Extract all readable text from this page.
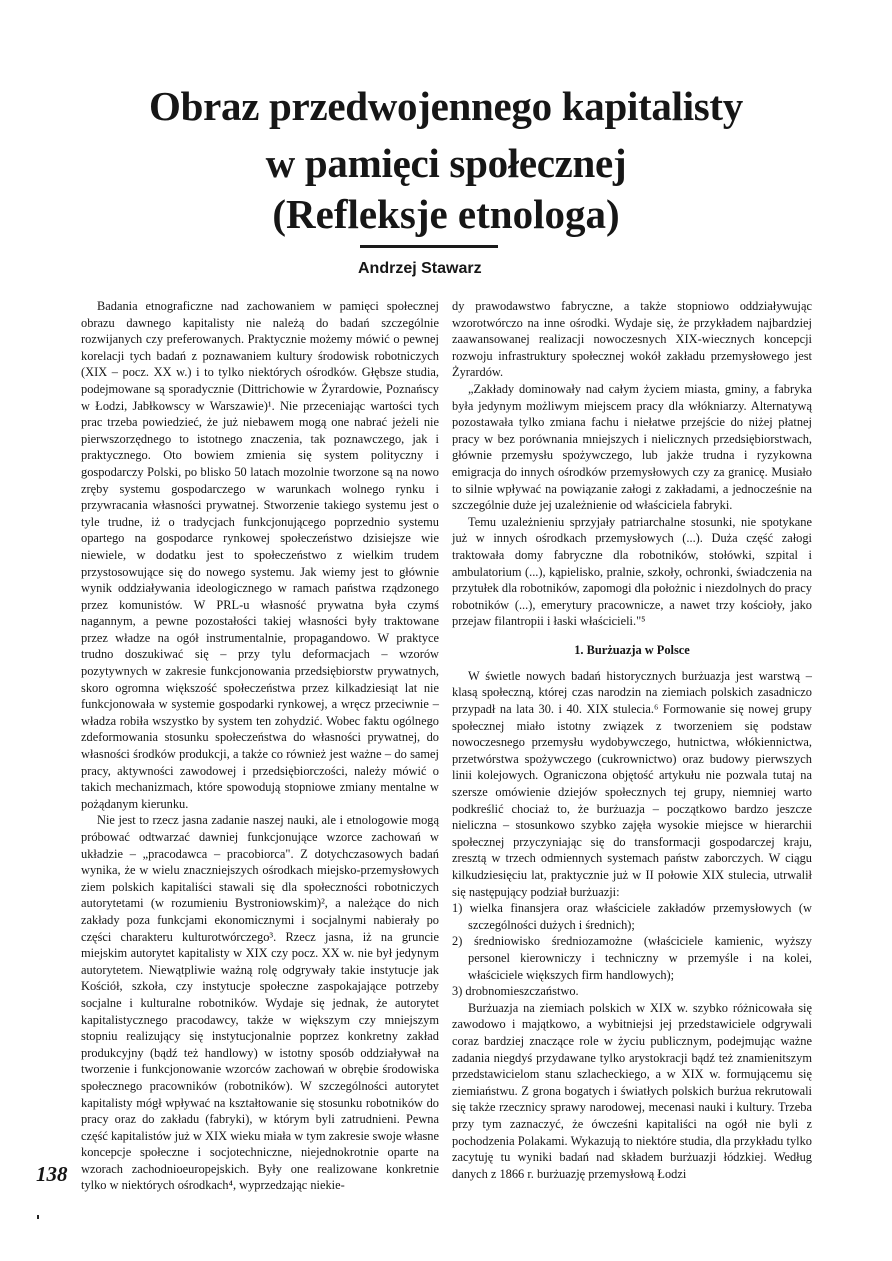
Obraz przedwojennego kapitalisty
w pamięci społecznej
(Refleksje etnologa)
Andrzej Stawarz

Badania etnograficzne nad zachowaniem w pamięci społecznej obrazu dawnego kapitalisty nie należą do badań szczególnie rozwijanych czy preferowanych. Praktycznie możemy mówić o pewnej korelacji tych badań z poznawaniem kultury środowisk robotniczych (XIX – pocz. XX w.) i to tylko niektórych ośrodków. Głębsze studia, podejmowane są sporadycznie (Dittrichowie w Żyrardowie, Poznańscy w Łodzi, Jabłkowscy w Warszawie)¹. Nie przeceniając wartości tych prac trzeba powiedzieć, że już niebawem mogą one nabrać jeżeli nie pierwszorzędnego to istotnego znaczenia, tak poznawczego, jak i praktycznego. Oto bowiem zmienia się system polityczny i gospodarczy Polski, po blisko 50 latach mozolnie tworzone są na nowo zręby systemu gospodarczego w warunkach wolnego rynku i przywracania własności prywatnej. Stworzenie takiego systemu jest o tyle trudne, iż o tradycjach funkcjonującego poprzednio systemu opartego na gospodarce rynkowej społeczeństwo dzisiejsze wie niewiele, w dodatku jest to społeczeństwo z wielkim trudem przystosowujące się do nowego systemu. Jak wiemy jest to głównie wynik oddziaływania ideologicznego w ramach państwa rządzonego przez komunistów. W PRL-u własność prywatna była czymś nagannym, a pewne pozostałości takiej własności były traktowane przez władze na ogół instrumentalnie, propagandowo. W praktyce trudno doszukiwać się – przy tylu deformacjach – wzorów pozytywnych w zakresie funkcjonowania przedsiębiorstw prywatnych, skoro ogromna większość społeczeństwa przez kilkadziesiąt lat nie funkcjonowała w systemie gospodarki rynkowej, a wręcz przeciwnie – władza robiła wszystko by system ten zohydzić. Wobec faktu ogólnego zdeformowania stosunku społeczeństwa do własności prywatnej, do własności środków produkcji, a także co również jest ważne – do samej pracy, aktywności zawodowej i przedsiębiorczości, należy mówić o takich mechanizmach, które spowodują stopniowe zmiany mentalne w pożądanym kierunku.

Nie jest to rzecz jasna zadanie naszej nauki, ale i etnologowie mogą próbować odtwarzać dawniej funkcjonujące wzorce zachowań w układzie – „pracodawca – pracobiorca". Z dotychczasowych badań wynika, że w wielu znaczniejszych ośrodkach miejsko-przemysłowych ziem polskich kapitaliści stawali się dla społeczności robotniczych autorytetami (w rozumieniu Bystroniowskim)², a należące do nich zakłady poza funkcjami ekonomicznymi i socjalnymi nabierały po części charakteru kulturotwórczego³. Rzecz jasna, iż na gruncie miejskim autorytet kapitalisty w XIX czy pocz. XX w. nie był jedynym autorytetem. Niewątpliwie ważną rolę odgrywały takie instytucje jak Kościół, szkoła, czy instytucje społeczne zaspokajające potrzeby socjalne i kulturalne robotników. Wydaje się jednak, że autorytet kapitalistycznego pracodawcy, także w większym czy mniejszym stopniu realizujący się instytucjonalnie poprzez konkretny zakład produkcyjny (bądź też handlowy) w istotny sposób oddziaływał na tworzenie i funkcjonowanie wzorców zachowań w obrębie środowiska społecznego pracowników (robotników). W szczególności autorytet kapitalisty mógł wpływać na kształtowanie się stosunku robotników do pracy oraz do zakładu (fabryki), w którym byli zatrudnieni. Pewna część kapitalistów już w XIX wieku miała w tym zakresie swoje własne koncepcje społeczne i socjotechniczne, niejednokrotnie oparte na wzorach zachodnioeuropejskich. Były one realizowane konkretnie tylko w niektórych ośrodkach⁴, wyprzedzając niekie-

dy prawodawstwo fabryczne, a także stopniowo oddziaływując wzorotwórczo na inne ośrodki. Wydaje się, że przykładem najbardziej zaawansowanej realizacji nowoczesnych XIX-wiecznych koncepcji rozwoju infrastruktury społecznej wokół zakładu przemysłowego jest Żyrardów.

„Zakłady dominowały nad całym życiem miasta, gminy, a fabryka była jedynym możliwym miejscem pracy dla włókniarzy. Alternatywą pozostawała tylko zmiana fachu i niełatwe przejście do niżej płatnej pracy w bez porównania mniejszych i nielicznych przedsiębiorstwach, głównie przemysłu spożywczego, lub jakże trudna i ryzykowna emigracja do innych ośrodków przemysłowych czy za granicę. Musiało to silnie wpływać na powiązanie załogi z zakładami, a jednocześnie na szczególnie duże jej uzależnienie od właściciela fabryki.

Temu uzależnieniu sprzyjały patriarchalne stosunki, nie spotykane już w innych ośrodkach przemysłowych (...). Duża część załogi traktowała domy fabryczne dla robotników, stołówki, szpital i ambulatorium (...), kąpielisko, pralnie, szkoły, ochronki, świadczenia na przytułek dla robotników, zapomogi dla położnic i niezdolnych do pracy robotników (...), emerytury pracownicze, a nawet trzy kościoły, jako przejaw filantropii i łaski właścicieli."⁵

1. Burżuazja w Polsce

W świetle nowych badań historycznych burżuazja jest warstwą – klasą społeczną, której czas narodzin na ziemiach polskich zasadniczo przypadł na lata 30. i 40. XIX stulecia.⁶ Formowanie się nowej grupy społecznej miało istotny związek z tworzeniem się podstaw nowoczesnego przemysłu wydobywczego, hutnictwa, włókiennictwa, przetwórstwa spożywczego (cukrownictwo) oraz budowy pierwszych linii kolejowych. Ograniczona objętość artykułu nie pozwala tutaj na szersze omówienie dziejów społecznych tej grupy, niemniej warto podkreślić chociaż to, że burżuazja – początkowo bardzo jeszcze nieliczna – stosunkowo szybko zajęła wysokie miejsce w hierarchii społecznej przyczyniając się do transformacji gospodarczej kraju, zresztą w trzech odmiennych systemach państw zaborczych. W ciągu kilkudziesięciu lat, praktycznie już w II połowie XIX stulecia, utrwalił się następujący podział burżuazji:

1) wielka finansjera oraz właściciele zakładów przemysłowych (w szczególności dużych i średnich);
2) średniowisko średniozamożne (właściciele kamienic, wyższy personel kierowniczy i techniczny w przemyśle i na kolei, właściciele większych firm handlowych);
3) drobnomieszczaństwo.

Burżuazja na ziemiach polskich w XIX w. szybko różnicowała się zawodowo i majątkowo, a wybitniejsi jej przedstawiciele odgrywali coraz bardziej znaczące role w życiu publicznym, podejmując ważne zadania niegdyś przydawane tylko arystokracji bądź też znamienitszym przedstawicielom stanu szlacheckiego, a w XIX w. formującemu się ziemiaństwu. Z grona bogatych i światłych polskich burżua rekrutowali się także rzecznicy sprawy narodowej, mecenasi nauki i kultury. Trzeba przy tym zaznaczyć, że ówcześni kapitaliści na ogół nie byli z pochodzenia Polakami. Wykazują to niektóre studia, dla przykładu tylko zacytuję tu wyniki badań nad składem burżuazji łódzkiej. Według danych z 1866 r. burżuazję przemysłową Łodzi

138
